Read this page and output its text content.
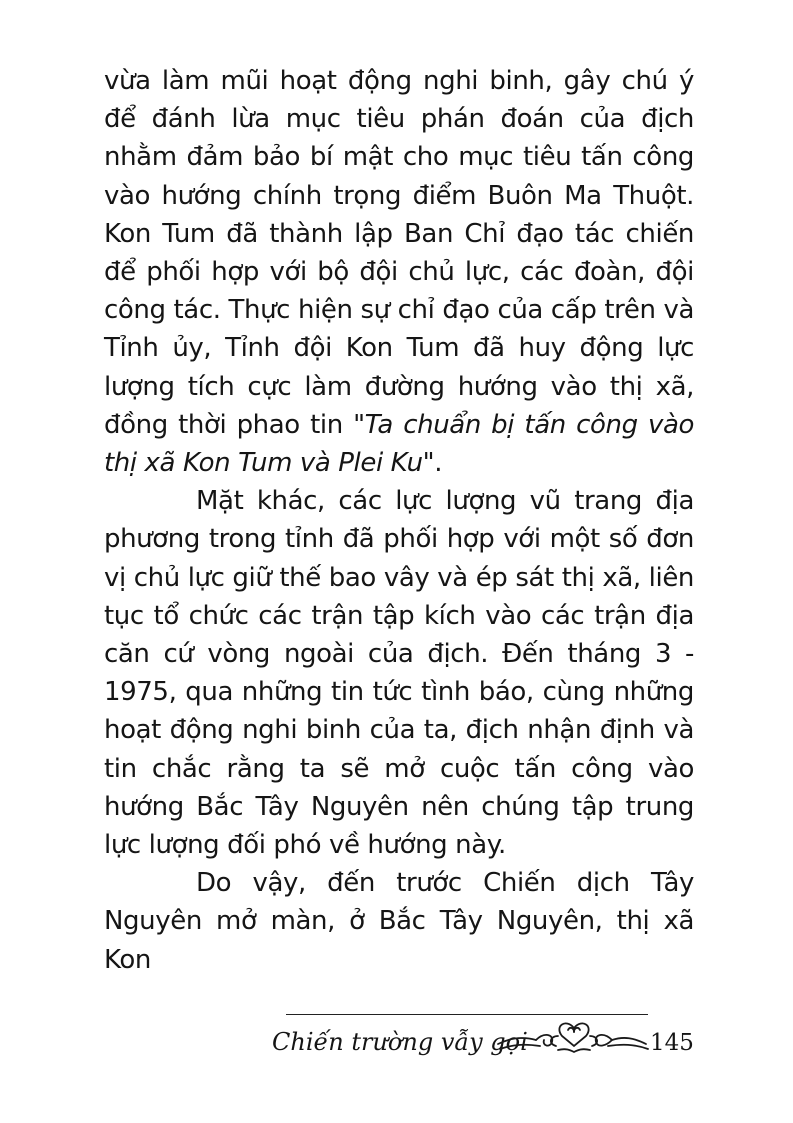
vừa làm mũi hoạt động nghi binh, gây chú ý để đánh lừa mục tiêu phán đoán của địch nhằm đảm bảo bí mật cho mục tiêu tấn công vào hướng chính trọng điểm Buôn Ma Thuột. Kon Tum đã thành lập Ban Chỉ đạo tác chiến để phối hợp với bộ đội chủ lực, các đoàn, đội công tác. Thực hiện sự chỉ đạo của cấp trên và Tỉnh ủy, Tỉnh đội Kon Tum đã huy động lực lượng tích cực làm đường hướng vào thị xã, đồng thời phao tin "Ta chuẩn bị tấn công vào thị xã Kon Tum và Plei Ku".

Mặt khác, các lực lượng vũ trang địa phương trong tỉnh đã phối hợp với một số đơn vị chủ lực giữ thế bao vây và ép sát thị xã, liên tục tổ chức các trận tập kích vào các trận địa căn cứ vòng ngoài của địch. Đến tháng 3 - 1975, qua những tin tức tình báo, cùng những hoạt động nghi binh của ta, địch nhận định và tin chắc rằng ta sẽ mở cuộc tấn công vào hướng Bắc Tây Nguyên nên chúng tập trung lực lượng đối phó về hướng này.

Do vậy, đến trước Chiến dịch Tây Nguyên mở màn, ở Bắc Tây Nguyên, thị xã Kon

Chiến trường vẫy gọi	145
